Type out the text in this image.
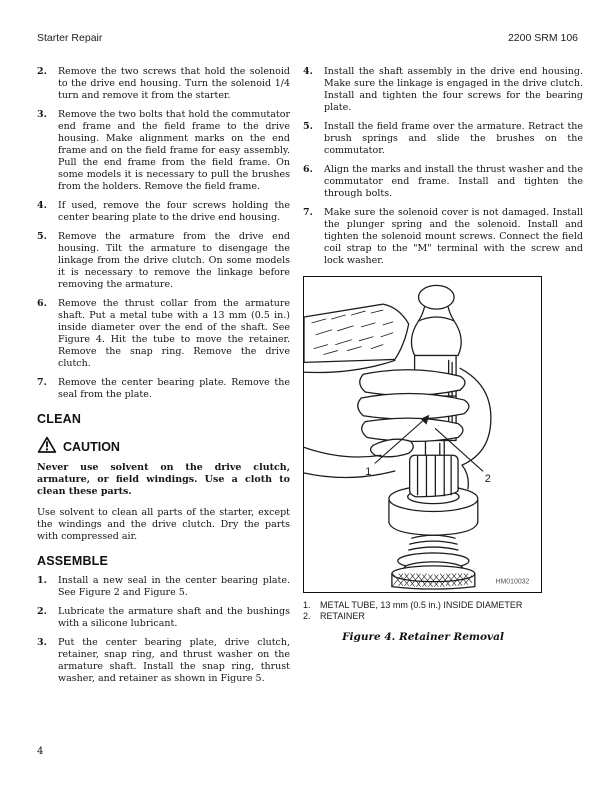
Starter Repair	2200 SRM 106
2.	Remove the two screws that hold the solenoid to the drive end housing. Turn the solenoid 1/4 turn and remove it from the starter.
3.	Remove the two bolts that hold the commutator end frame and the field frame to the drive housing. Make alignment marks on the end frame and on the field frame for easy assembly. Pull the end frame from the field frame. On some models it is necessary to pull the brushes from the holders. Remove the field frame.
4.	If used, remove the four screws holding the center bearing plate to the drive end housing.
5.	Remove the armature from the drive end housing. Tilt the armature to disengage the linkage from the drive clutch. On some models it is necessary to remove the linkage before removing the armature.
6.	Remove the thrust collar from the armature shaft. Put a metal tube with a 13 mm (0.5 in.) inside diameter over the end of the shaft. See Figure 4. Hit the tube to move the retainer. Remove the snap ring. Remove the drive clutch.
7.	Remove the center bearing plate. Remove the seal from the plate.
CLEAN
CAUTION
Never use solvent on the drive clutch, armature, or field windings. Use a cloth to clean these parts.
Use solvent to clean all parts of the starter, except the windings and the drive clutch. Dry the parts with compressed air.
ASSEMBLE
1.	Install a new seal in the center bearing plate. See Figure 2 and Figure 5.
2.	Lubricate the armature shaft and the bushings with a silicone lubricant.
3.	Put the center bearing plate, drive clutch, retainer, snap ring, and thrust washer on the armature shaft. Install the snap ring, thrust washer, and retainer as shown in Figure 5.
4.	Install the shaft assembly in the drive end housing. Make sure the linkage is engaged in the drive clutch. Install and tighten the four screws for the bearing plate.
5.	Install the field frame over the armature. Retract the brush springs and slide the brushes on the commutator.
6.	Align the marks and install the thrust washer and the commutator end frame. Install and tighten the through bolts.
7.	Make sure the solenoid cover is not damaged. Install the plunger spring and the solenoid. Install and tighten the solenoid mount screws. Connect the field coil strap to the "M" terminal with the screw and lock washer.
1
2
HM010032
1.	METAL TUBE, 13 mm (0.5 in.) INSIDE DIAMETER
2.	RETAINER
Figure 4. Retainer Removal
4
